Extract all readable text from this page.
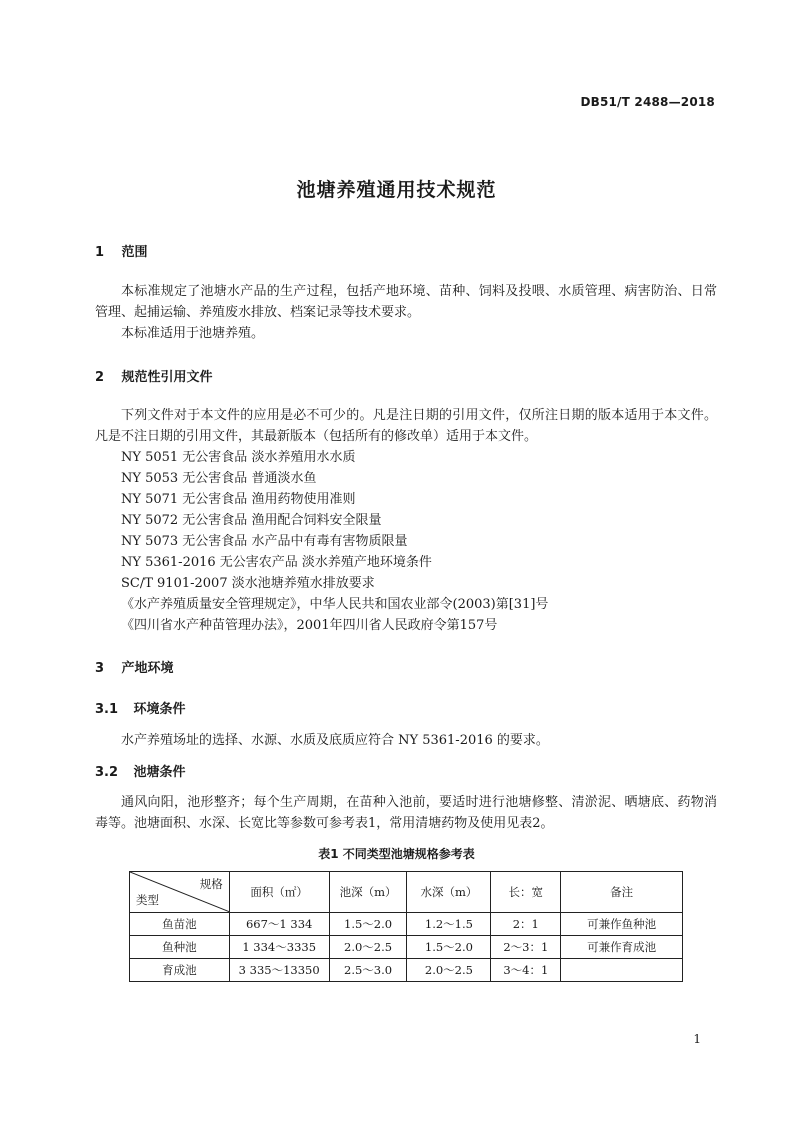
DB51/T 2488—2018
池塘养殖通用技术规范
1 范围

本标准规定了池塘水产品的生产过程，包括产地环境、苗种、饲料及投喂、水质管理、病害防治、日常管理、起捕运输、养殖废水排放、档案记录等技术要求。

本标准适用于池塘养殖。

2 规范性引用文件

下列文件对于本文件的应用是必不可少的。凡是注日期的引用文件，仅所注日期的版本适用于本文件。凡是不注日期的引用文件，其最新版本（包括所有的修改单）适用于本文件。

NY 5051 无公害食品 淡水养殖用水水质
NY 5053 无公害食品 普通淡水鱼
NY 5071 无公害食品 渔用药物使用准则
NY 5072 无公害食品 渔用配合饲料安全限量
NY 5073 无公害食品 水产品中有毒有害物质限量
NY 5361-2016 无公害农产品 淡水养殖产地环境条件
SC/T 9101-2007 淡水池塘养殖水排放要求
《水产养殖质量安全管理规定》，中华人民共和国农业部令(2003)第[31]号
《四川省水产种苗管理办法》，2001年四川省人民政府令第157号
3 产地环境
3.1 环境条件

水产养殖场址的选择、水源、水质及底质应符合 NY 5361-2016 的要求。

3.2 池塘条件

通风向阳，池形整齐；每个生产周期，在苗种入池前，要适时进行池塘修整、清淤泥、晒塘底、药物消毒等。池塘面积、水深、长宽比等参数可参考表1，常用清塘药物及使用见表2。

表1 不同类型池塘规格参考表
规格
类型	面积（㎡）	池深（m）	水深（m）	长：宽	备注
鱼苗池	667～1 334	1.5～2.0	1.2～1.5	2：1	可兼作鱼种池
鱼种池	1 334～3335	2.0～2.5	1.5～2.0	2～3：1	可兼作育成池
育成池	3 335～13350	2.5～3.0	2.0～2.5	3～4：1	
1
